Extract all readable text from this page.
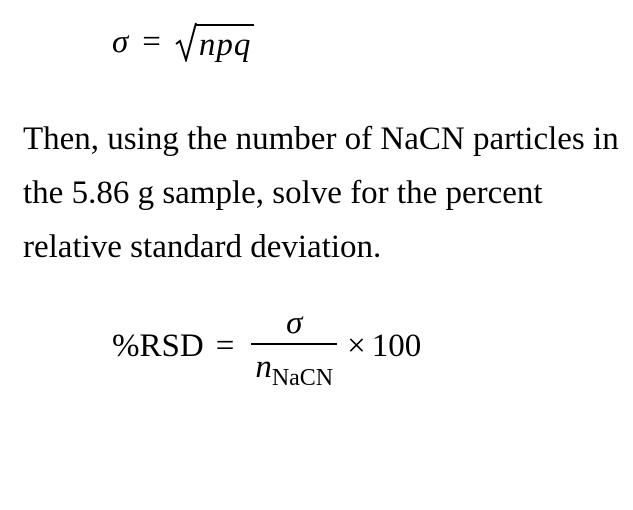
σ = npq

Then, using the number of NaCN particles in the 5.86 g sample, solve for the percent relative standard deviation.

$\%RSD = \frac{\sigma}{\text{n NaCN}} \times 100$
